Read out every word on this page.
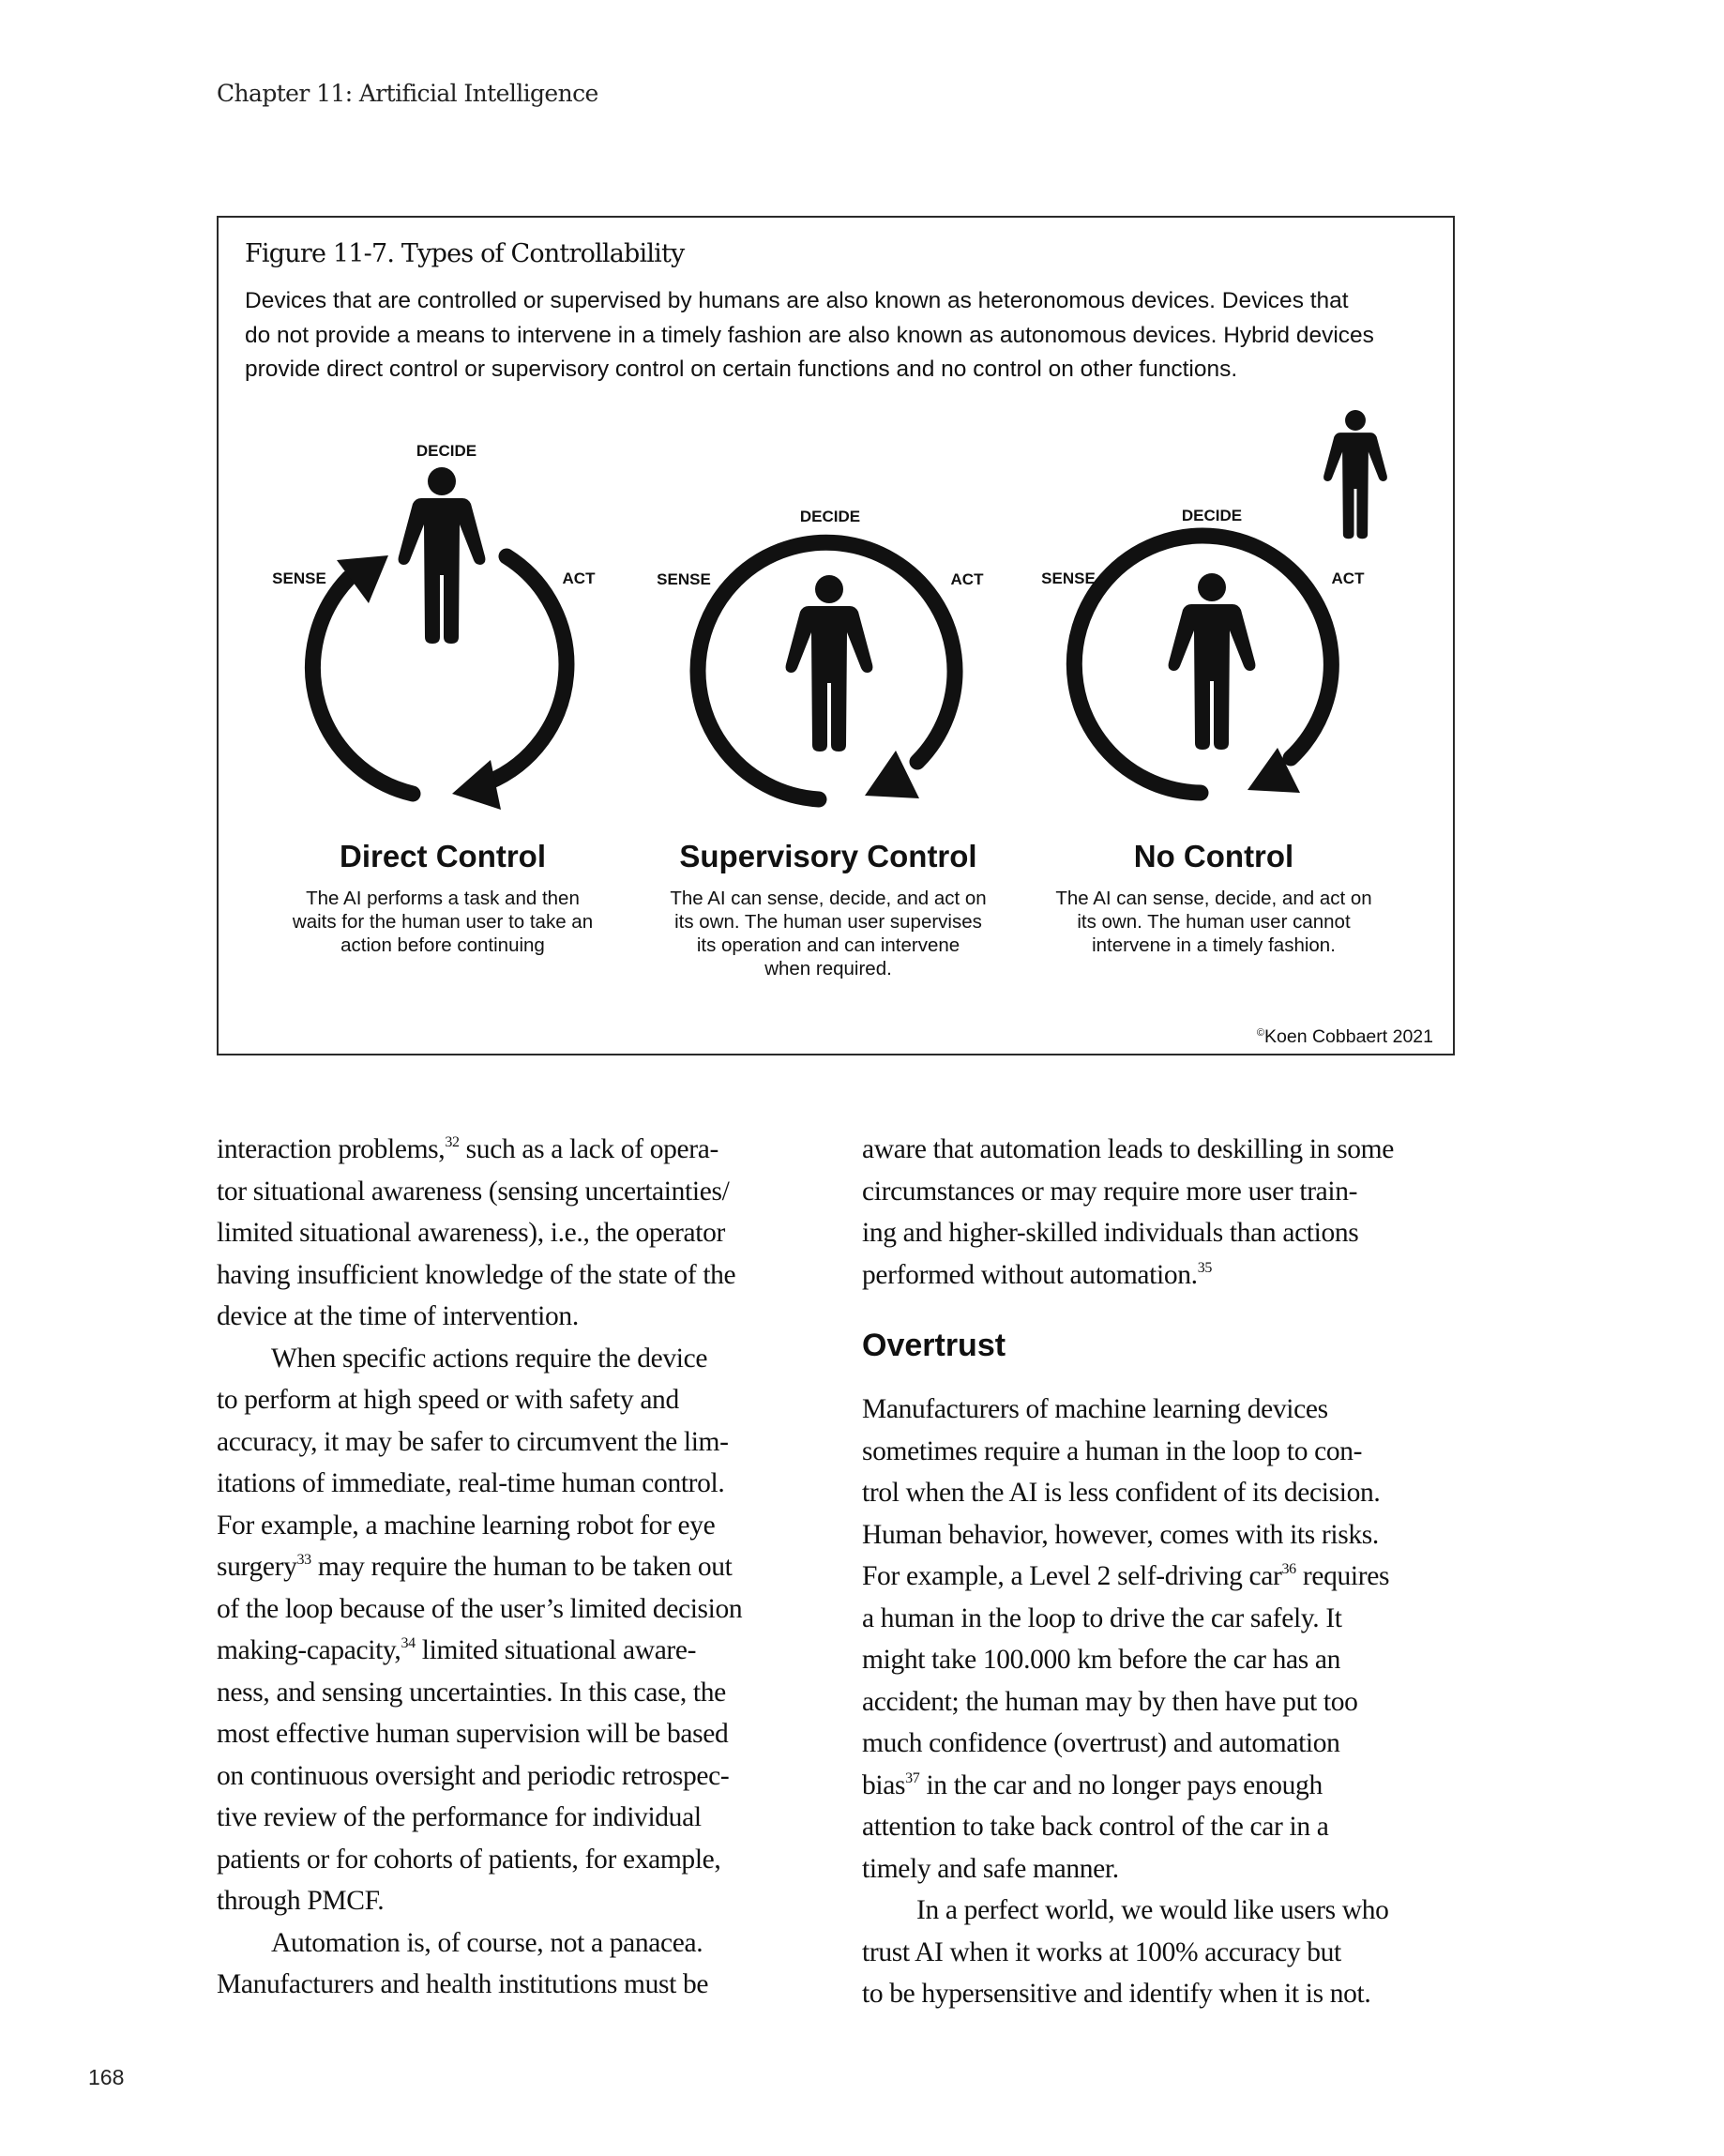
Chapter 11: Artificial Intelligence
Figure 11-7. Types of Controllability
Devices that are controlled or supervised by humans are also known as heteronomous devices. Devices that
do not provide a means to intervene in a timely fashion are also known as autonomous devices. Hybrid devices
provide direct control or supervisory control on certain functions and no control on other functions.
DECIDE
SENSE	ACT
DECIDE
SENSE	ACT
DECIDE
SENSE	ACT
Direct Control	Supervisory Control	No Control
The AI performs a task and then
waits for the human user to take an
action before continuing
The AI can sense, decide, and act on
its own. The human user supervises
its operation and can intervene
when required.
The AI can sense, decide, and act on
its own. The human user cannot
intervene in a timely fashion.
©Koen Cobbaert 2021
interaction problems,$^{32}$ such as a lack of opera-
tor situational awareness (sensing uncertainties/
limited situational awareness), i.e., the operator
having insufficient knowledge of the state of the
device at the time of intervention.
When specific actions require the device
to perform at high speed or with safety and
accuracy, it may be safer to circumvent the lim-
itations of immediate, real-time human control.
For example, a machine learning robot for eye
surgery$^{33}$ may require the human to be taken out
of the loop because of the user’s limited decision
making-capacity,$^{34}$ limited situational aware-
ness, and sensing uncertainties. In this case, the
most effective human supervision will be based
on continuous oversight and periodic retrospec-
tive review of the performance for individual
patients or for cohorts of patients, for example,
through PMCF.
Automation is, of course, not a panacea.
Manufacturers and health institutions must be
aware that automation leads to deskilling in some
circumstances or may require more user train-
ing and higher-skilled individuals than actions
performed without automation.$^{35}$
Overtrust
Manufacturers of machine learning devices
sometimes require a human in the loop to con-
trol when the AI is less confident of its decision.
Human behavior, however, comes with its risks.
For example, a Level 2 self-driving car$^{36}$ requires
a human in the loop to drive the car safely. It
might take 100.000 km before the car has an
accident; the human may by then have put too
much confidence (overtrust) and automation
bias$^{37}$ in the car and no longer pays enough
attention to take back control of the car in a
timely and safe manner.
In a perfect world, we would like users who
trust AI when it works at 100% accuracy but
to be hypersensitive and identify when it is not.
168
